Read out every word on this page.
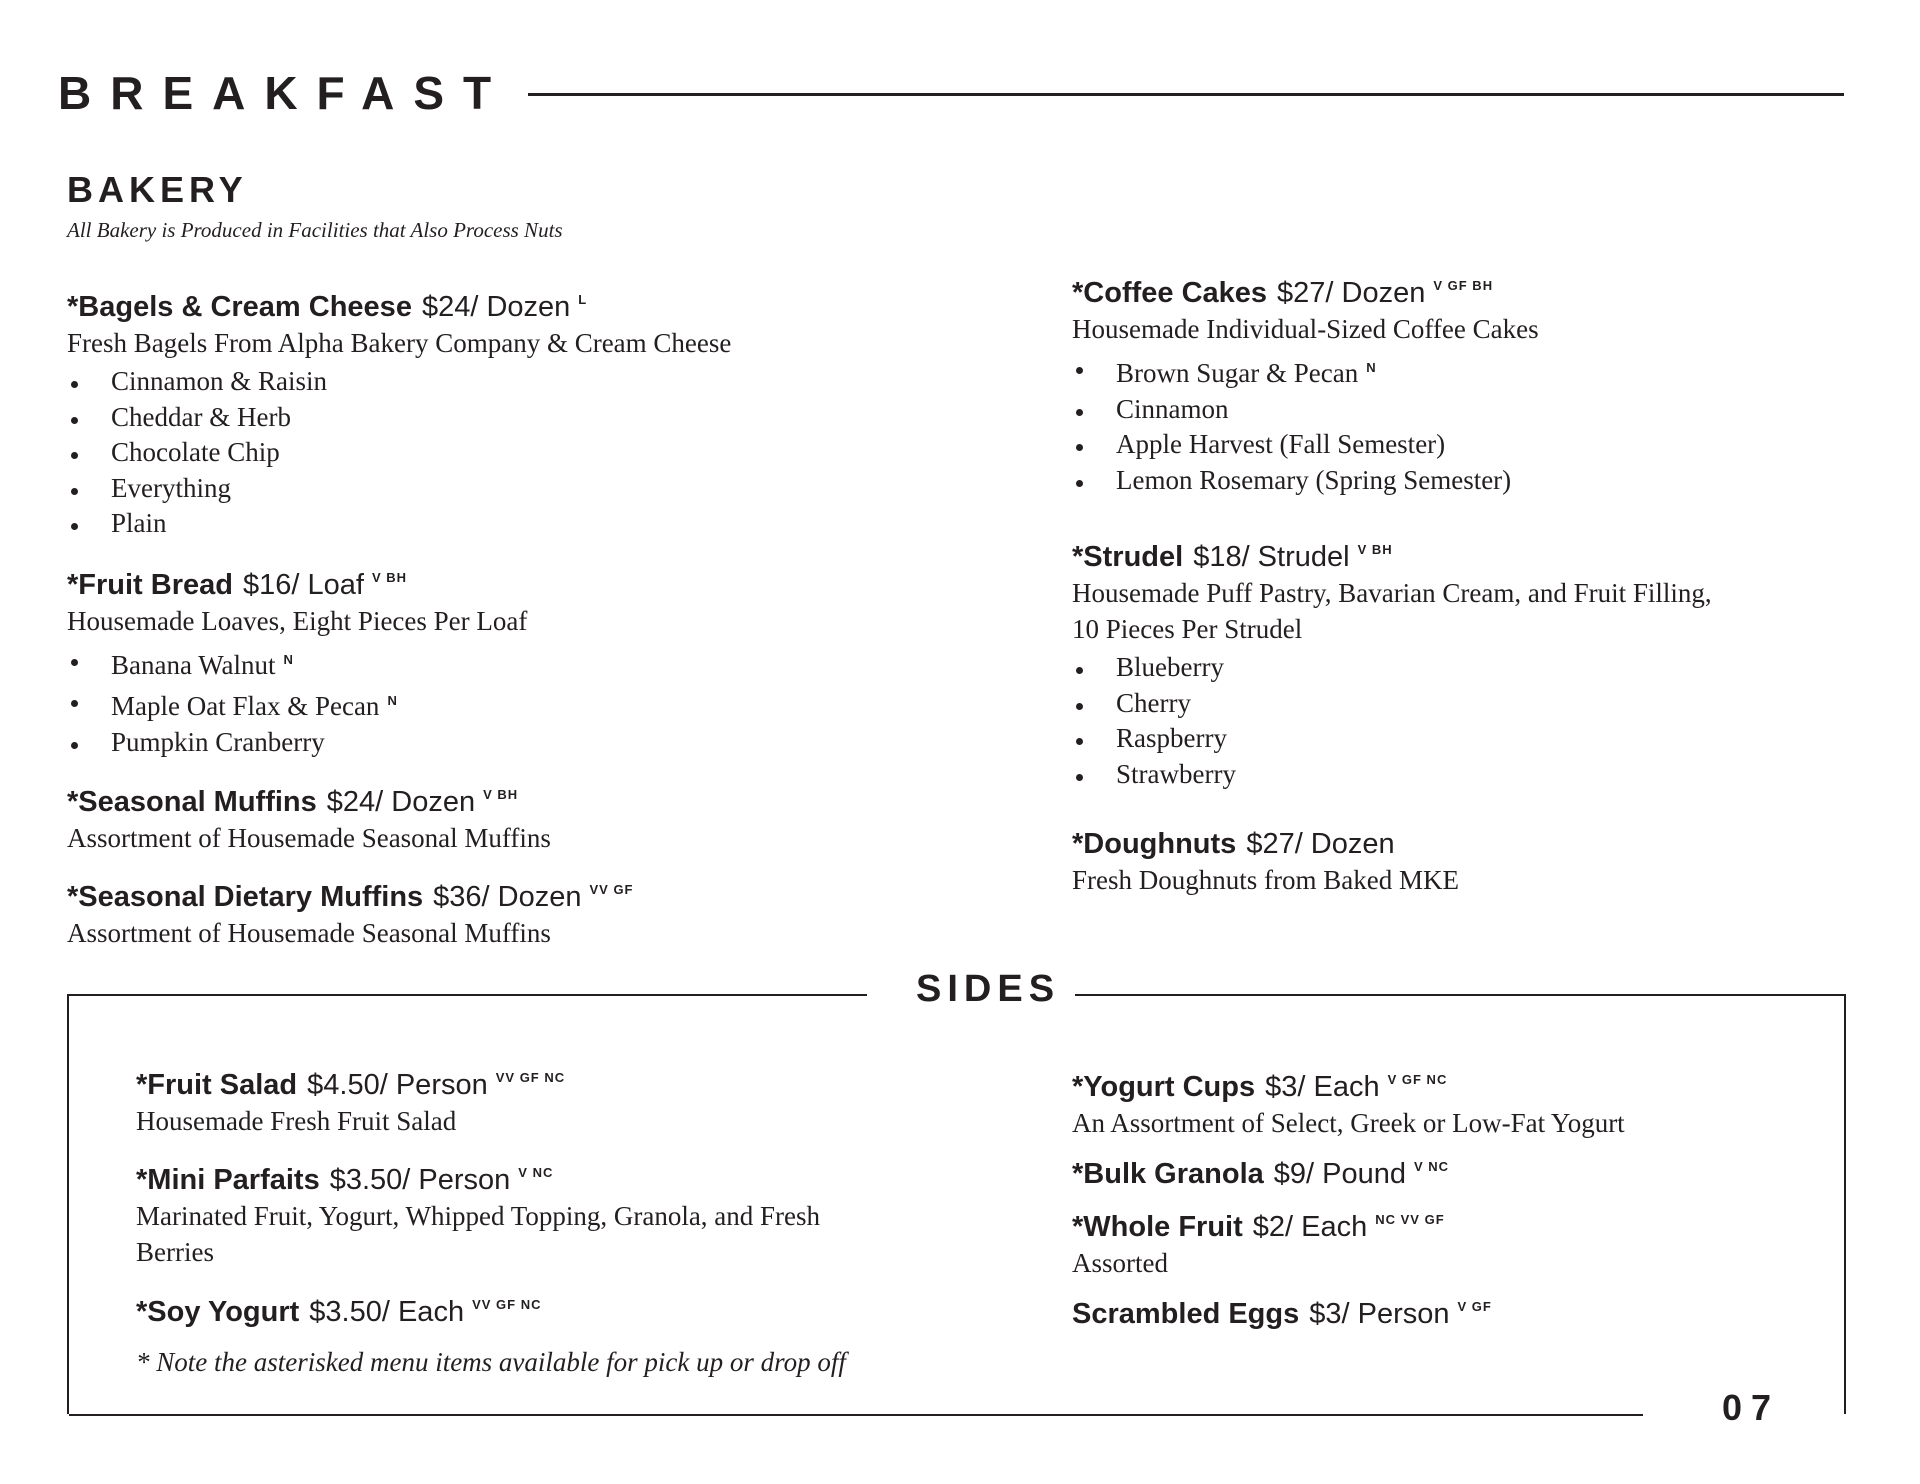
BREAKFAST
BAKERY
All Bakery is Produced in Facilities that Also Process Nuts
*Bagels & Cream Cheese $24/ Dozen $^L$
Fresh Bagels From Alpha Bakery Company & Cream Cheese
Cinnamon & Raisin
Cheddar & Herb
Chocolate Chip
Everything
Plain
*Fruit Bread $16/ Loaf $^{V BH}$
Housemade Loaves, Eight Pieces Per Loaf
Banana Walnut $^N$
Maple Oat Flax & Pecan $^N$
Pumpkin Cranberry
*Seasonal Muffins $24/ Dozen $^{V BH}$
Assortment of Housemade Seasonal Muffins
*Seasonal Dietary Muffins $36/ Dozen $^{VV GF}$
Assortment of Housemade Seasonal Muffins
*Coffee Cakes $27/ Dozen $^{V GF BH}$
Housemade Individual-Sized Coffee Cakes
Brown Sugar & Pecan $^N$
Cinnamon
Apple Harvest (Fall Semester)
Lemon Rosemary (Spring Semester)
*Strudel $18/ Strudel $^{V BH}$
Housemade Puff Pastry, Bavarian Cream, and Fruit Filling, 10 Pieces Per Strudel
Blueberry
Cherry
Raspberry
Strawberry
*Doughnuts $27/ Dozen
Fresh Doughnuts from Baked MKE
SIDES
*Fruit Salad $4.50/ Person $^{VV GF NC}$
Housemade Fresh Fruit Salad
*Mini Parfaits $3.50/ Person $^{V NC}$
Marinated Fruit, Yogurt, Whipped Topping, Granola, and Fresh Berries
*Soy Yogurt $3.50/ Each $^{VV GF NC}$
* Note the asterisked menu items available for pick up or drop off
*Yogurt Cups $3/ Each $^{V GF NC}$
An Assortment of Select, Greek or Low-Fat Yogurt
*Bulk Granola $9/ Pound $^{V NC}$
*Whole Fruit $2/ Each $^{NC VV GF}$
Assorted
Scrambled Eggs $3/ Person $^{V GF}$
07
